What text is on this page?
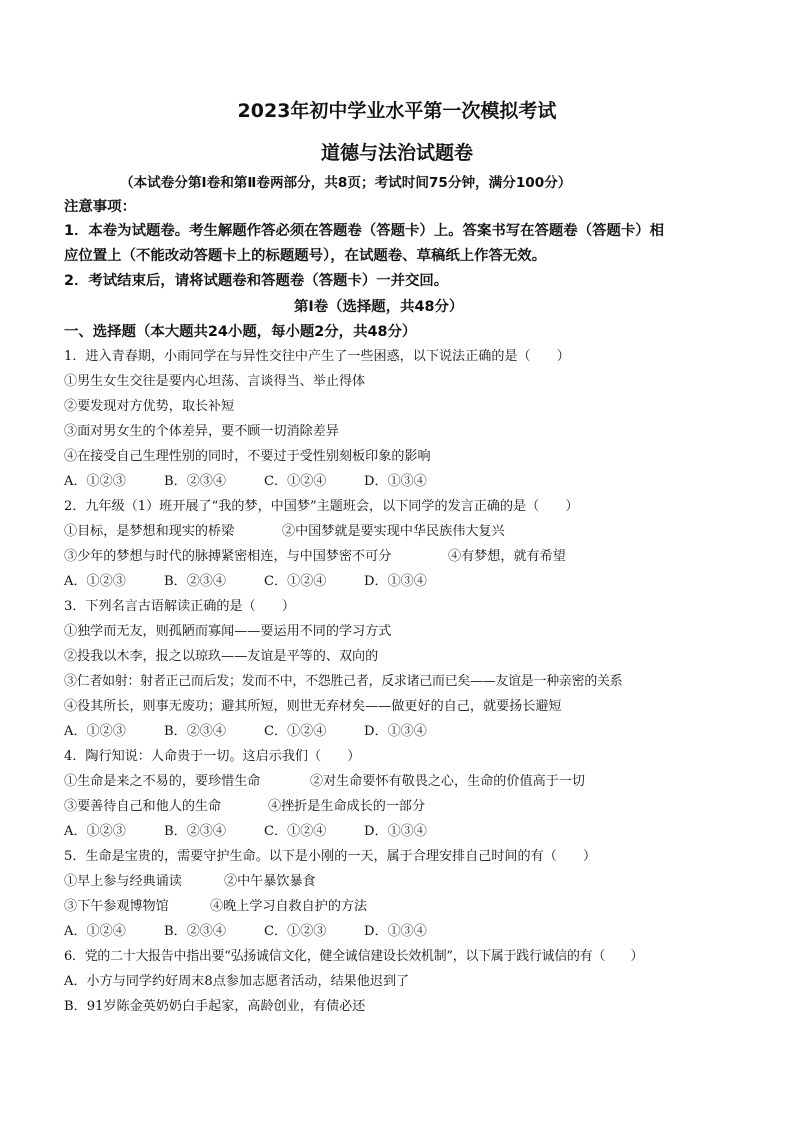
2023年初中学业水平第一次模拟考试
道德与法治试题卷
（本试卷分第Ⅰ卷和第Ⅱ卷两部分，共8页；考试时间75分钟，满分100分）
注意事项：
1．本卷为试题卷。考生解题作答必须在答题卷（答题卡）上。答案书写在答题卷（答题卡）相
应位置上（不能改动答题卡上的标题题号），在试题卷、草稿纸上作答无效。
2．考试结束后，请将试题卷和答题卷（答题卡）一并交回。
第Ⅰ卷（选择题，共48分）
一、选择题（本大题共24小题，每小题2分，共48分）
1．进入青春期，小雨同学在与异性交往中产生了一些困惑，以下说法正确的是（　　）
①男生女生交往是要内心坦荡、言谈得当、举止得体
②要发现对方优势，取长补短
③面对男女生的个体差异，要不顾一切消除差异
④在接受自己生理性别的同时，不要过于受性别刻板印象的影响
A．①②③	B．②③④	C．①②④	D．①③④
2．九年级（1）班开展了“我的梦，中国梦”主题班会，以下同学的发言正确的是（　　）
①目标，是梦想和现实的桥梁	②中国梦就是要实现中华民族伟大复兴
③少年的梦想与时代的脉搏紧密相连，与中国梦密不可分	④有梦想，就有希望
A．①②③	B．②③④	C．①②④	D．①③④
3．下列名言古语解读正确的是（　　）
①独学而无友，则孤陋而寡闻——要运用不同的学习方式
②投我以木李，报之以琼玖——友谊是平等的、双向的
③仁者如射：射者正己而后发；发而不中，不怨胜己者，反求诸己而已矣——友谊是一种亲密的关系
④役其所长，则事无废功；避其所短，则世无弃材矣——做更好的自己，就要扬长避短
A．①②③	B．②③④	C．①②④	D．①③④
4．陶行知说：人命贵于一切。这启示我们（　　）
①生命是来之不易的，要珍惜生命	②对生命要怀有敬畏之心，生命的价值高于一切
③要善待自己和他人的生命	④挫折是生命成长的一部分
A．①②③	B．②③④	C．①②④	D．①③④
5．生命是宝贵的，需要守护生命。以下是小刚的一天，属于合理安排自己时间的有（　　）
①早上参与经典诵读	②中午暴饮暴食
③下午参观博物馆	④晚上学习自救自护的方法
A．①②④	B．②③④	C．①②③	D．①③④
6．党的二十大报告中指出要“弘扬诚信文化，健全诚信建设长效机制”，以下属于践行诚信的有（　　）
A．小方与同学约好周末8点参加志愿者活动，结果他迟到了
B．91岁陈金英奶奶白手起家，高龄创业，有债必还
